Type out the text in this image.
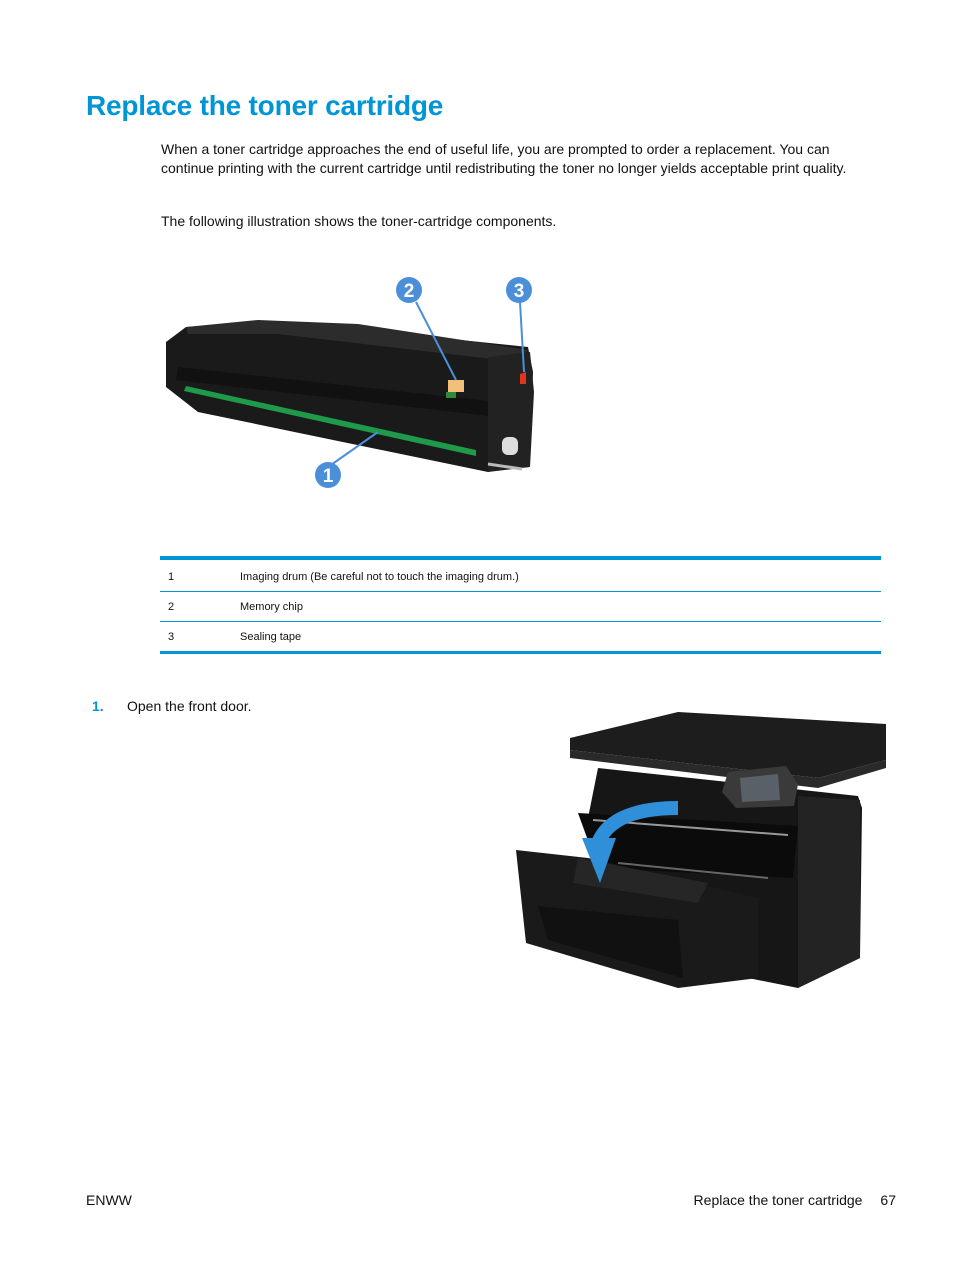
Replace the toner cartridge

When a toner cartridge approaches the end of useful life, you are prompted to order a replacement. You can continue printing with the current cartridge until redistributing the toner no longer yields acceptable print quality.

The following illustration shows the toner-cartridge components.

2	3
1

1	Imaging drum (Be careful not to touch the imaging drum.)
2	Memory chip
3	Sealing tape
1. Open the front door.
ENWW	Replace the toner cartridge 67
